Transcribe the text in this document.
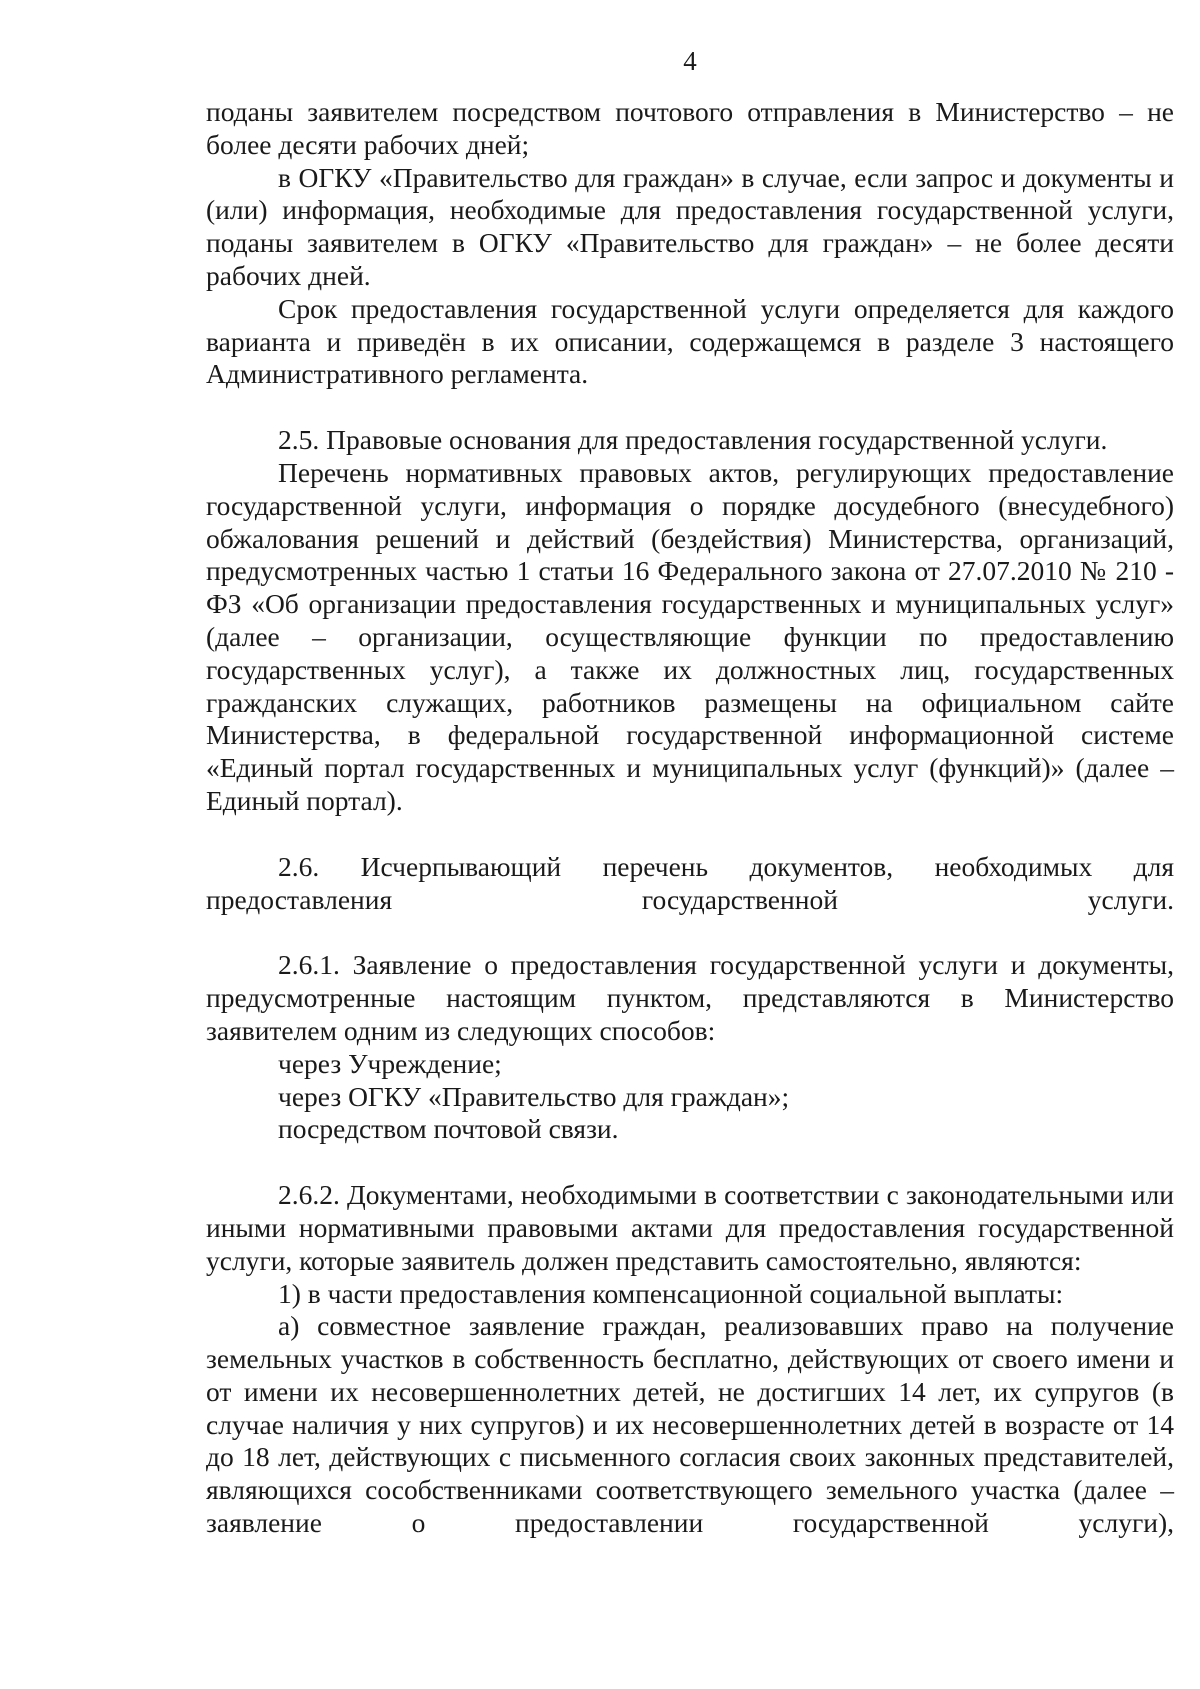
4

поданы заявителем посредством почтового отправления в Министерство – не более десяти рабочих дней;

в ОГКУ «Правительство для граждан» в случае, если запрос и документы и (или) информация, необходимые для предоставления государственной услуги, поданы заявителем в ОГКУ «Правительство для граждан» – не более десяти рабочих дней.

Срок предоставления государственной услуги определяется для каждого варианта и приведён в их описании, содержащемся в разделе 3 настоящего Административного регламента.

2.5. Правовые основания для предоставления государственной услуги.

Перечень нормативных правовых актов, регулирующих предоставление государственной услуги, информация о порядке досудебного (внесудебного) обжалования решений и действий (бездействия) Министерства, организаций, предусмотренных частью 1 статьи 16 Федерального закона от 27.07.2010 № 210 - ФЗ «Об организации предоставления государственных и муниципальных услуг» (далее – организации, осуществляющие функции по предоставлению государственных услуг), а также их должностных лиц, государственных гражданских служащих, работников размещены на официальном сайте Министерства, в федеральной государственной информационной системе «Единый портал государственных и муниципальных услуг (функций)» (далее – Единый портал).

2.6. Исчерпывающий перечень документов, необходимых для предоставления государственной услуги.

2.6.1. Заявление о предоставления государственной услуги и документы, предусмотренные настоящим пунктом, представляются в Министерство заявителем одним из следующих способов:

через Учреждение;

через ОГКУ «Правительство для граждан»;

посредством почтовой связи.

2.6.2. Документами, необходимыми в соответствии с законодательными или иными нормативными правовыми актами для предоставления государственной услуги, которые заявитель должен представить самостоятельно, являются:

1) в части предоставления компенсационной социальной выплаты:

а) совместное заявление граждан, реализовавших право на получение земельных участков в собственность бесплатно, действующих от своего имени и от имени их несовершеннолетних детей, не достигших 14 лет, их супругов (в случае наличия у них супругов) и их несовершеннолетних детей в возрасте от 14 до 18 лет, действующих с письменного согласия своих законных представителей, являющихся сособственниками соответствующего земельного участка (далее – заявление о предоставлении государственной услуги),
